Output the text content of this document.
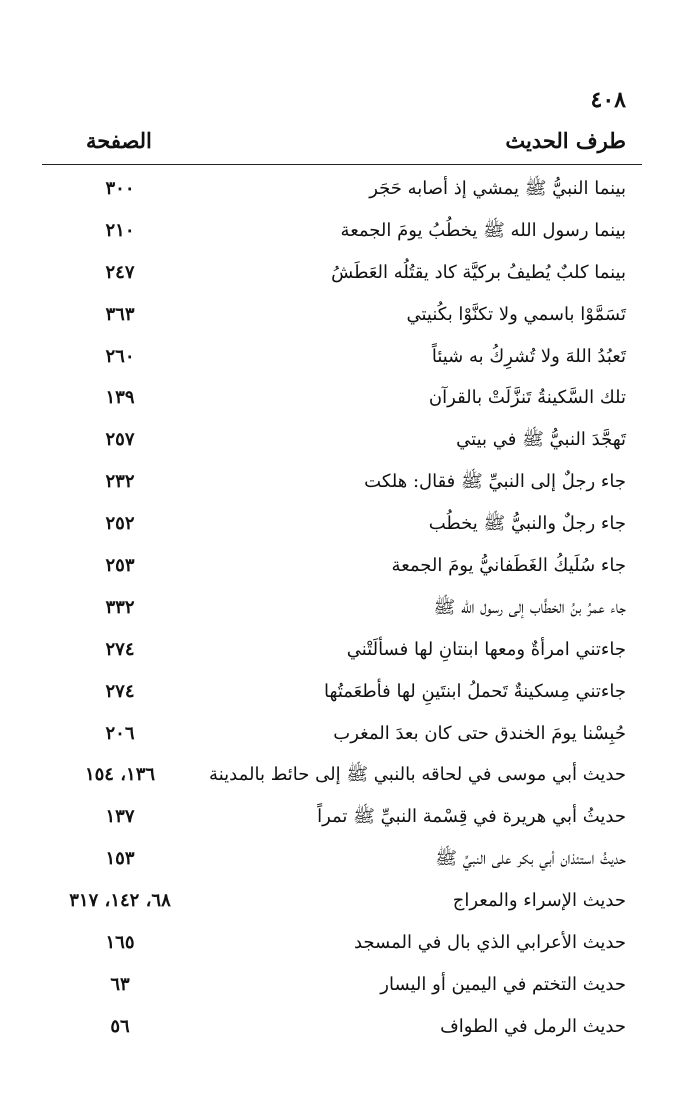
٤٠٨
طرف الحديث
الصفحة
بينما النبيُّ ﷺ يمشي إذ أصابه حَجَر
٣٠٠
بينما رسول الله ﷺ يخطُبُ يومَ الجمعة
٢١٠
بينما كلبٌ يُطيفُ بركيَّة كاد يقتُلُه العَطَشُ
٢٤٧
تَسَمَّوْا باسمي ولا تكنَّوْا بكُنيتي
٣٦٣
تَعبُدُ اللهَ ولا تُشرِكُ به شيئاً
٢٦٠
تلك السَّكينةُ تَنزَّلَتْ بالقرآن
١٣٩
تَهجَّدَ النبيُّ ﷺ في بيتي
٢٥٧
جاء رجلٌ إلى النبيِّ ﷺ فقال: هلكت
٢٣٢
جاء رجلٌ والنبيُّ ﷺ يخطُب
٢٥٢
جاء سُلَيكُ الغَطَفانيُّ يومَ الجمعة
٢٥٣
جاء عمرُ بنُ الخطَّاب إلى رسول الله ﷺ
٣٣٢
جاءتني امرأةٌ ومعها ابنتانِ لها فسألَتْني
٢٧٤
جاءتني مِسكينةٌ تَحملُ ابنتَينِ لها فأطعَمتُها
٢٧٤
حُبِسْنا يومَ الخندق حتى كان بعدَ المغرب
٢٠٦
حديث أبي موسى في لحاقه بالنبي ﷺ إلى حائط بالمدينة
١٣٦، ١٥٤
حديثُ أبي هريرة في قِسْمة النبيِّ ﷺ تمراً
١٣٧
حديثُ استئذان أبي بكر على النبيِّ ﷺ
١٥٣
حديث الإسراء والمعراج
٦٨، ١٤٢، ٣١٧
حديث الأعرابي الذي بال في المسجد
١٦٥
حديث التختم في اليمين أو اليسار
٦٣
حديث الرمل في الطواف
٥٦
